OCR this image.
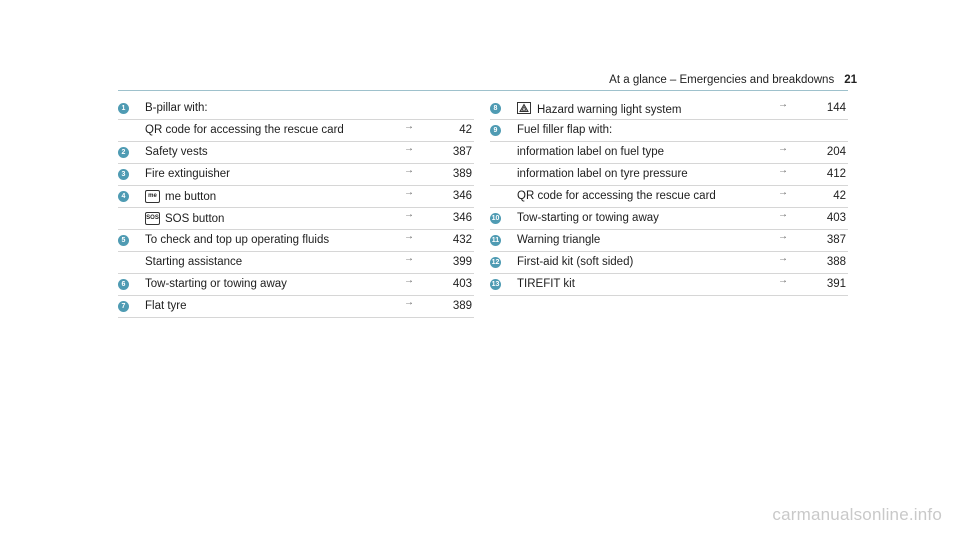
At a glance – Emergencies and breakdowns 21
1	B-pillar with:
QR code for accessing the rescue card	→	42
2	Safety vests	→	387
3	Fire extinguisher	→	389
4	me me button	→	346
SOS SOS button	→	346
5	To check and top up operating fluids	→	432
Starting assistance	→	399
6	Tow-starting or towing away	→	403
7	Flat tyre	→	389
8	Hazard warning light system	→	144
9	Fuel filler flap with:
information label on fuel type	→	204
information label on tyre pressure	→	412
QR code for accessing the rescue card	→	42
10 Tow-starting or towing away	→	403
11 Warning triangle	→	387
12 First-aid kit (soft sided)	→	388
13 TIREFIT kit	→	391
carmanualsonline.info
